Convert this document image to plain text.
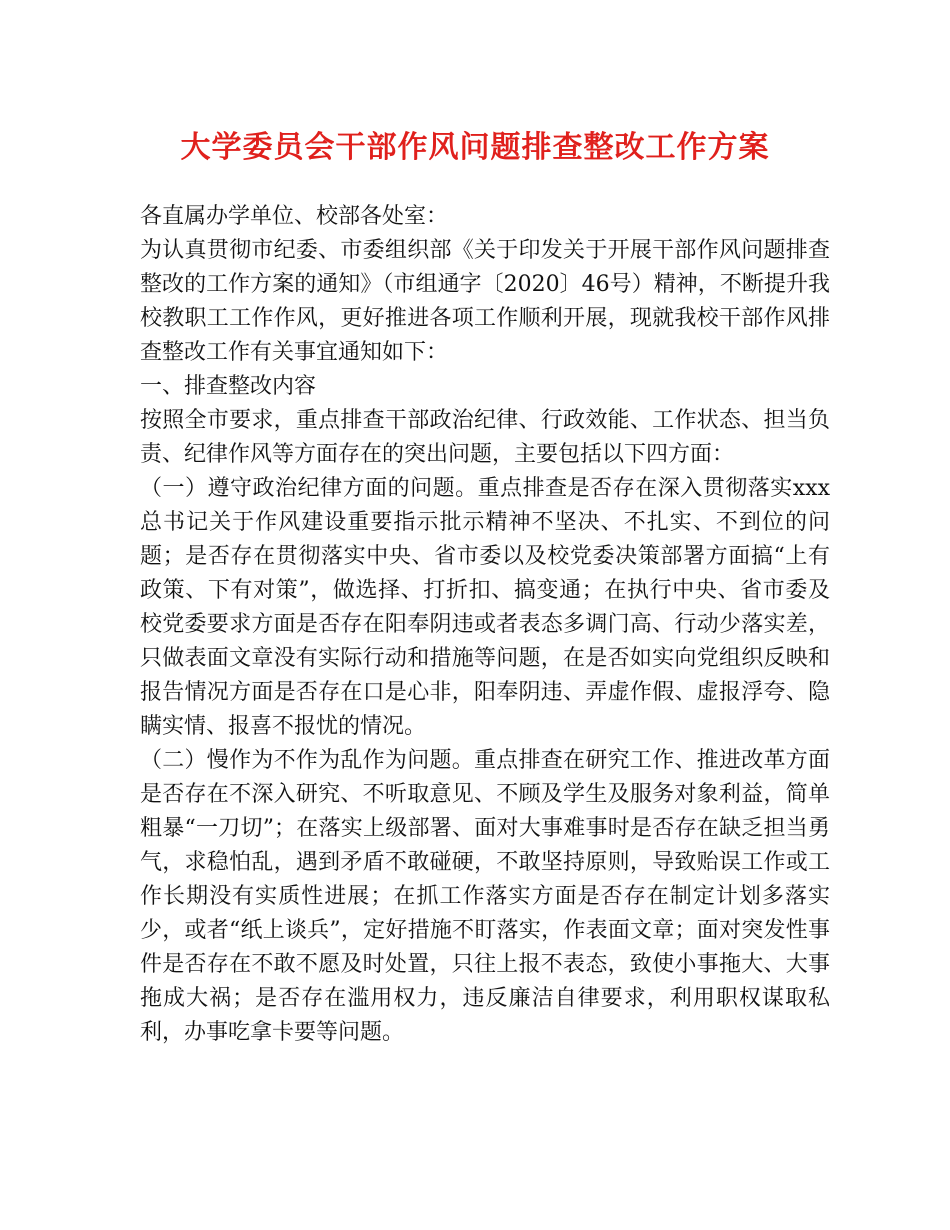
大学委员会干部作风问题排查整改工作方案

各直属办学单位、校部各处室：

为认真贯彻市纪委、市委组织部《关于印发关于开展干部作风问题排查整改的工作方案的通知》（市组通字〔2020〕46号）精神，不断提升我校教职工工作作风，更好推进各项工作顺利开展，现就我校干部作风排查整改工作有关事宜通知如下：

一、排查整改内容

按照全市要求，重点排查干部政治纪律、行政效能、工作状态、担当负责、纪律作风等方面存在的突出问题，主要包括以下四方面：

（一）遵守政治纪律方面的问题。重点排查是否存在深入贯彻落实xxx总书记关于作风建设重要指示批示精神不坚决、不扎实、不到位的问题；是否存在贯彻落实中央、省市委以及校党委决策部署方面搞“上有政策、下有对策”，做选择、打折扣、搞变通；在执行中央、省市委及校党委要求方面是否存在阳奉阴违或者表态多调门高、行动少落实差，只做表面文章没有实际行动和措施等问题，在是否如实向党组织反映和报告情况方面是否存在口是心非，阳奉阴违、弄虚作假、虚报浮夸、隐瞒实情、报喜不报忧的情况。

（二）慢作为不作为乱作为问题。重点排查在研究工作、推进改革方面是否存在不深入研究、不听取意见、不顾及学生及服务对象利益，简单粗暴“一刀切”；在落实上级部署、面对大事难事时是否存在缺乏担当勇气，求稳怕乱，遇到矛盾不敢碰硬，不敢坚持原则，导致贻误工作或工作长期没有实质性进展；在抓工作落实方面是否存在制定计划多落实少，或者“纸上谈兵”，定好措施不盯落实，作表面文章；面对突发性事件是否存在不敢不愿及时处置，只往上报不表态，致使小事拖大、大事拖成大祸；是否存在滥用权力，违反廉洁自律要求，利用职权谋取私利，办事吃拿卡要等问题。
